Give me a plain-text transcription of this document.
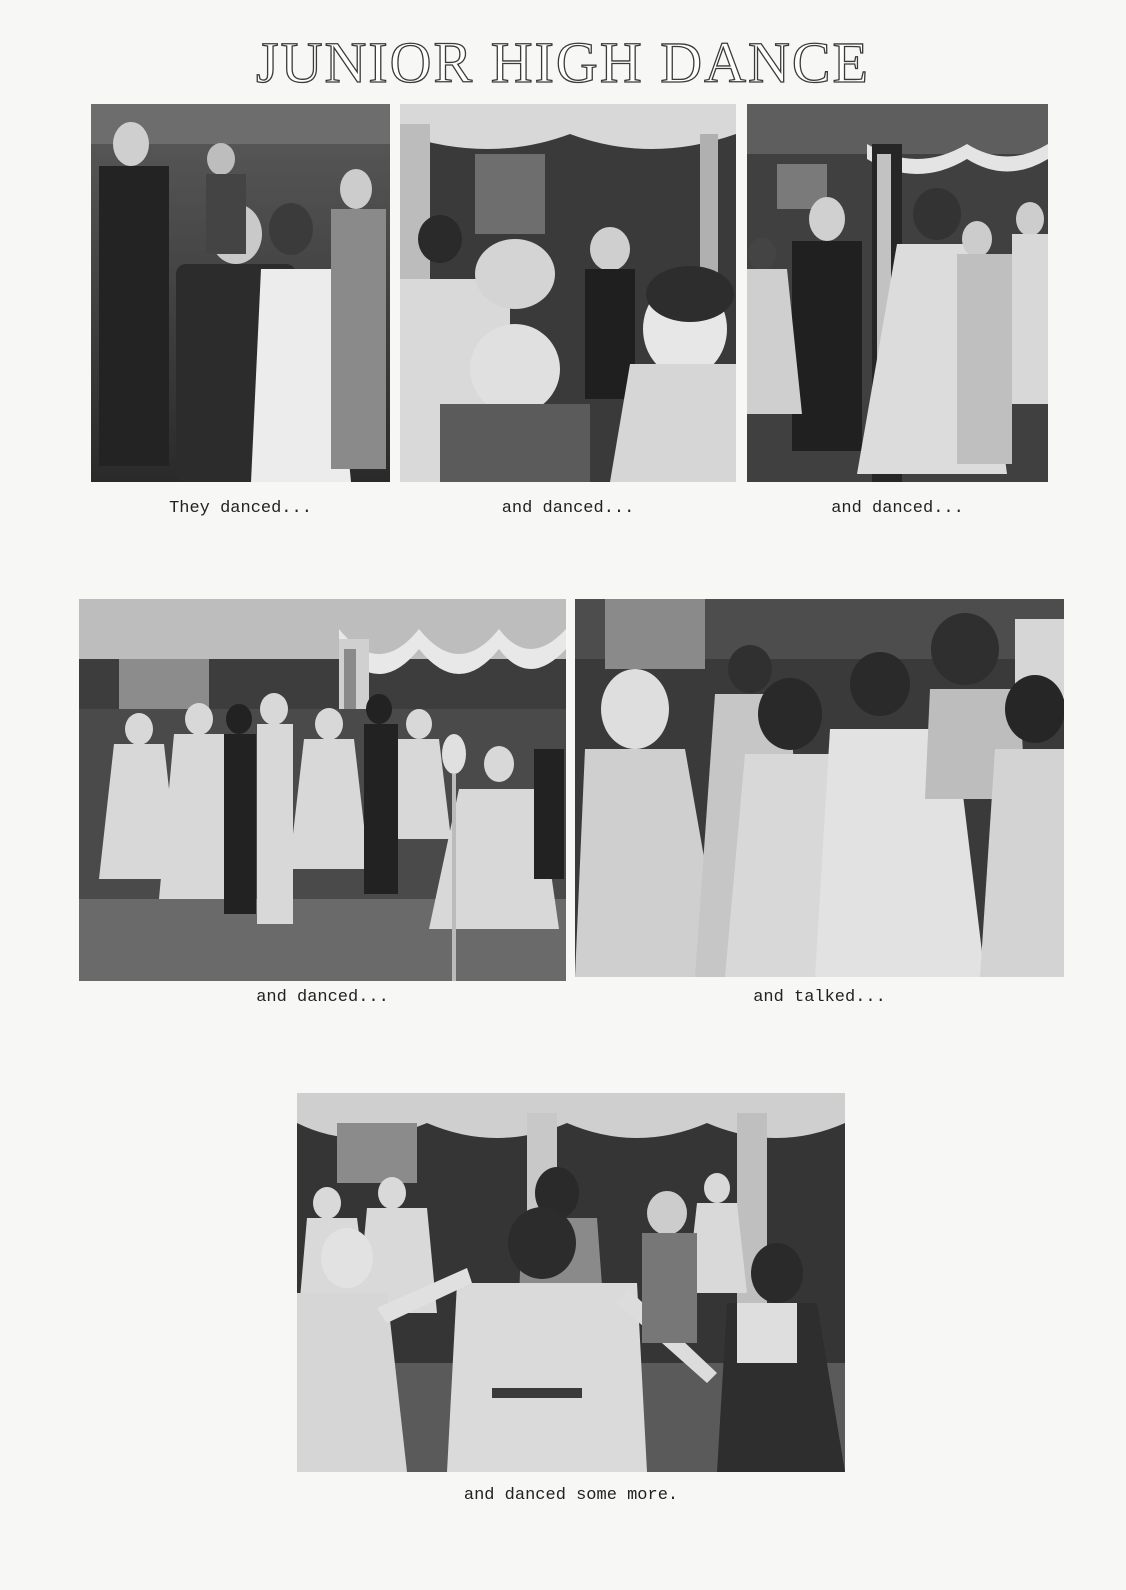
JUNIOR HIGH DANCE
They danced...	and danced...	and danced...
and danced...	and talked...
and danced some more.
